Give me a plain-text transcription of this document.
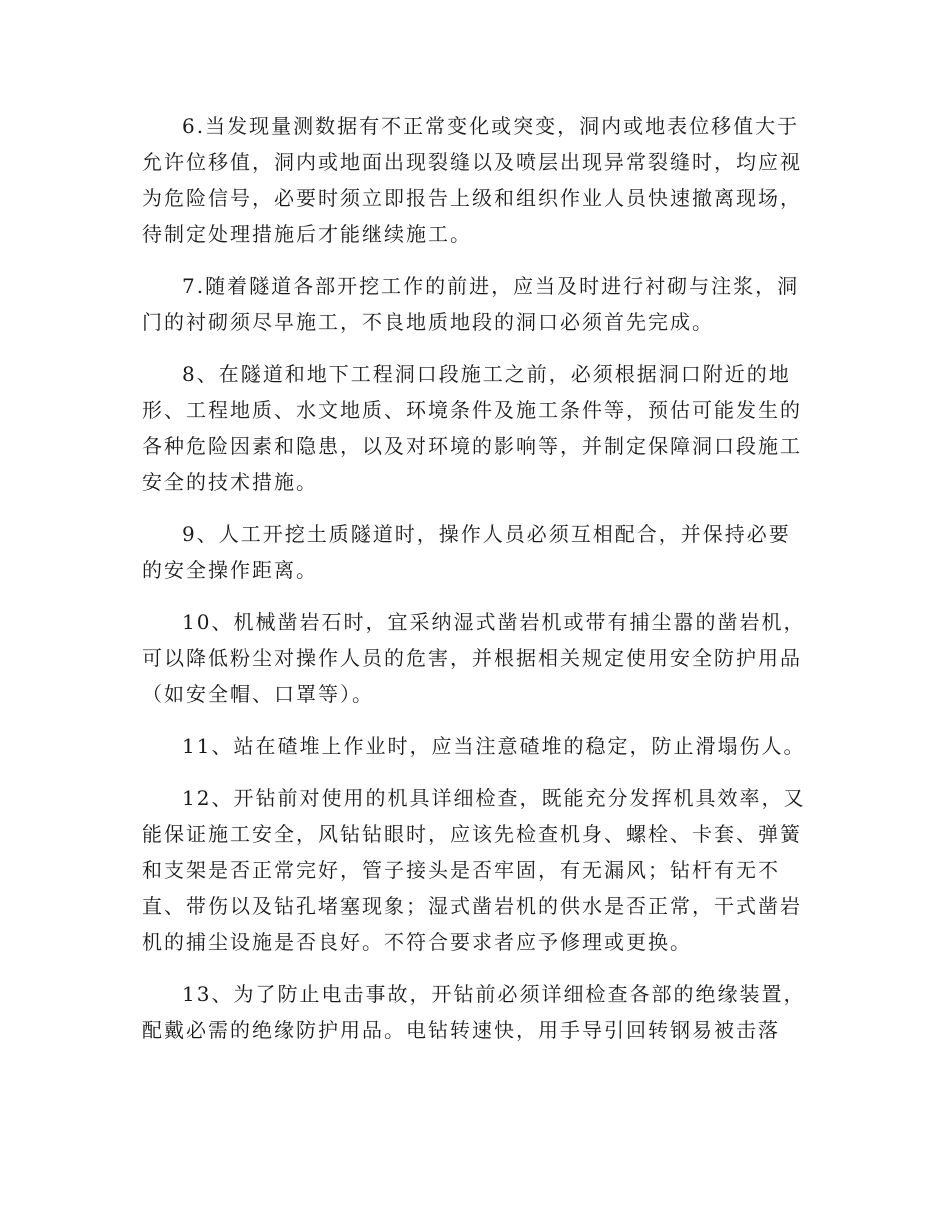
6.当发现量测数据有不正常变化或突变，洞内或地表位移值大于允许位移值，洞内或地面出现裂缝以及喷层出现异常裂缝时，均应视为危险信号，必要时须立即报告上级和组织作业人员快速撤离现场，待制定处理措施后才能继续施工。

7.随着隧道各部开挖工作的前进，应当及时进行衬砌与注浆，洞门的衬砌须尽早施工，不良地质地段的洞口必须首先完成。

8、在隧道和地下工程洞口段施工之前，必须根据洞口附近的地形、工程地质、水文地质、环境条件及施工条件等，预估可能发生的各种危险因素和隐患，以及对环境的影响等，并制定保障洞口段施工安全的技术措施。

9、人工开挖土质隧道时，操作人员必须互相配合，并保持必要的安全操作距离。

10、机械凿岩石时，宜采纳湿式凿岩机或带有捕尘嚣的凿岩机，可以降低粉尘对操作人员的危害，并根据相关规定使用安全防护用品（如安全帽、口罩等）。

11、站在碴堆上作业时，应当注意碴堆的稳定，防止滑塌伤人。

12、开钻前对使用的机具详细检查，既能充分发挥机具效率，又能保证施工安全，风钻钻眼时，应该先检查机身、螺栓、卡套、弹簧和支架是否正常完好，管子接头是否牢固，有无漏风；钻杆有无不直、带伤以及钻孔堵塞现象；湿式凿岩机的供水是否正常，干式凿岩机的捕尘设施是否良好。不符合要求者应予修理或更换。

13、为了防止电击事故，开钻前必须详细检查各部的绝缘装置，配戴必需的绝缘防护用品。电钻转速快，用手导引回转钢易被击落
